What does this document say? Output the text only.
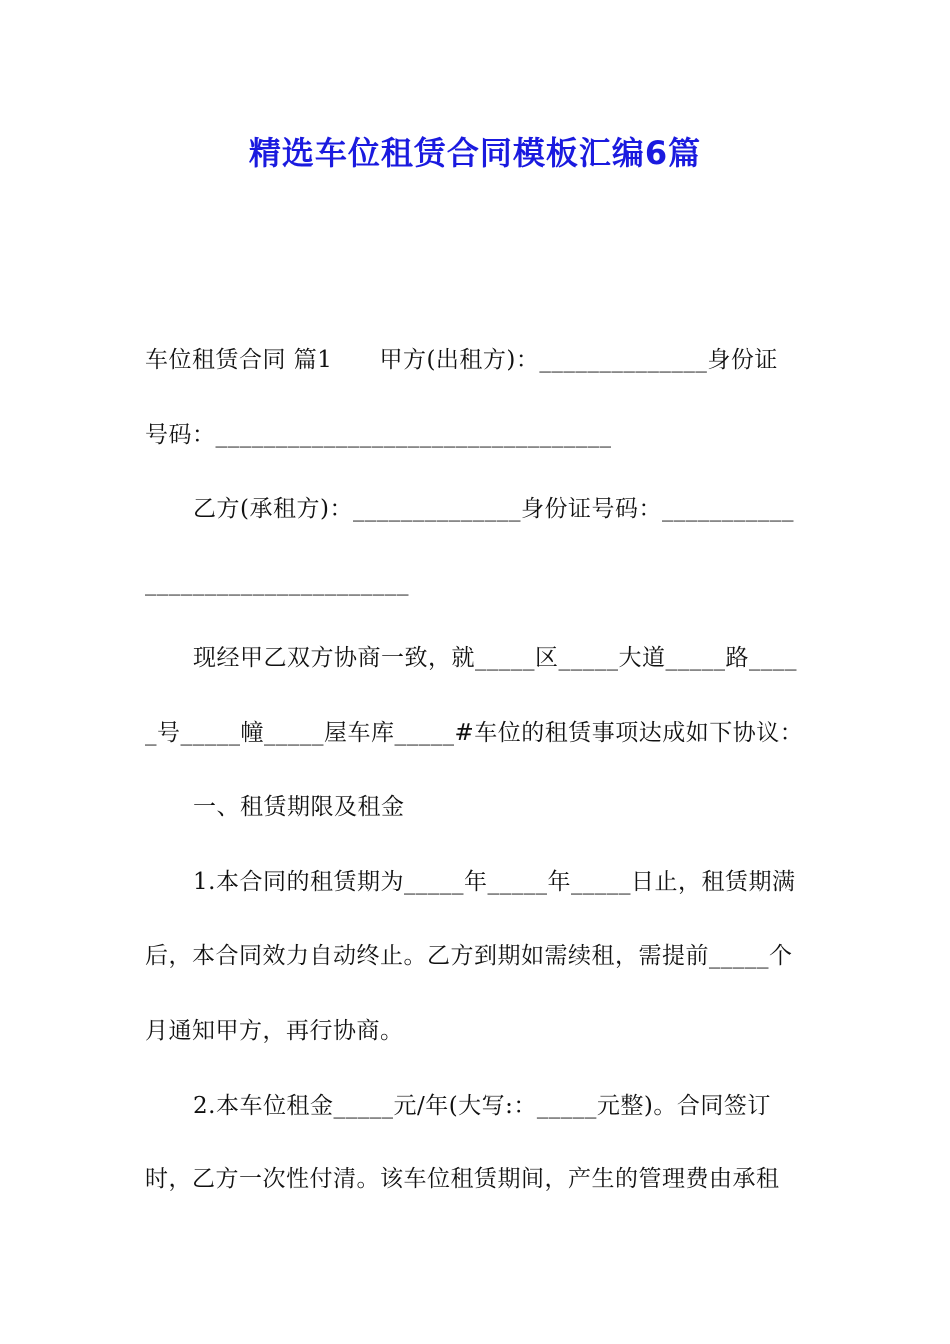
精选车位租赁合同模板汇编6篇
车位租赁合同 篇1　　甲方(出租方)：______________身份证
号码：_________________________________
乙方(承租方)：______________身份证号码：___________
______________________
现经甲乙双方协商一致，就_____区_____大道_____路____
_号_____幢_____屋车库_____#车位的租赁事项达成如下协议：
一、租赁期限及租金
1.本合同的租赁期为_____年_____年_____日止，租赁期满
后，本合同效力自动终止。乙方到期如需续租，需提前_____个
月通知甲方，再行协商。
2.本车位租金_____元/年(大写:：_____元整)。合同签订
时，乙方一次性付清。该车位租赁期间，产生的管理费由承租
